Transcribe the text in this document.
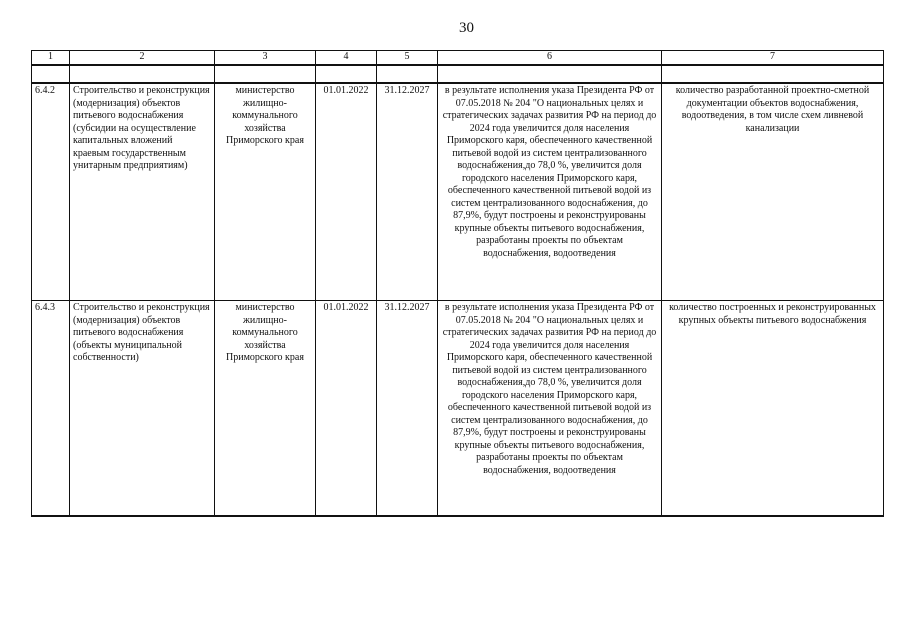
30
1	2	3	4	5	6	7

6.4.2	Строительство и реконструкция (модернизация) объектов питьевого водоснабжения (субсидии на осуществление капитальных вложений краевым государственным унитарным предприятиям)	министерство жилищно-коммунального хозяйства Приморского края	01.01.2022	31.12.2027	в результате исполнения указа Президента РФ от 07.05.2018 № 204 "О национальных целях и стратегических задачах развития РФ на период до 2024 года увеличится доля населения Приморского каря, обеспеченного качественной питьевой водой из систем централизованного водоснабжения,до 78,0 %, увеличится доля городского населения Приморского каря, обеспеченного качественной питьевой водой из систем централизованного водоснабжения, до 87,9%, будут построены и реконструированы крупные объекты питьевого водоснабжения, разработаны проекты по объектам водоснабжения, водоотведения	количество разработанной проектно-сметной документации объектов водоснабжения, водоотведения, в том числе схем ливневой канализации
6.4.3	Строительство и реконструкция (модернизация) объектов питьевого водоснабжения (объекты муниципальной собственности)	министерство жилищно-коммунального хозяйства Приморского края	01.01.2022	31.12.2027	в результате исполнения указа Президента РФ от 07.05.2018 № 204 "О национальных целях и стратегических задачах развития РФ на период до 2024 года увеличится доля населения Приморского каря, обеспеченного качественной питьевой водой из систем централизованного водоснабжения,до 78,0 %, увеличится доля городского населения Приморского каря, обеспеченного качественной питьевой водой из систем централизованного водоснабжения, до 87,9%, будут построены и реконструированы крупные объекты питьевого водоснабжения, разработаны проекты по объектам водоснабжения, водоотведения	количество построенных и реконструированных крупных объекты питьевого водоснабжения
